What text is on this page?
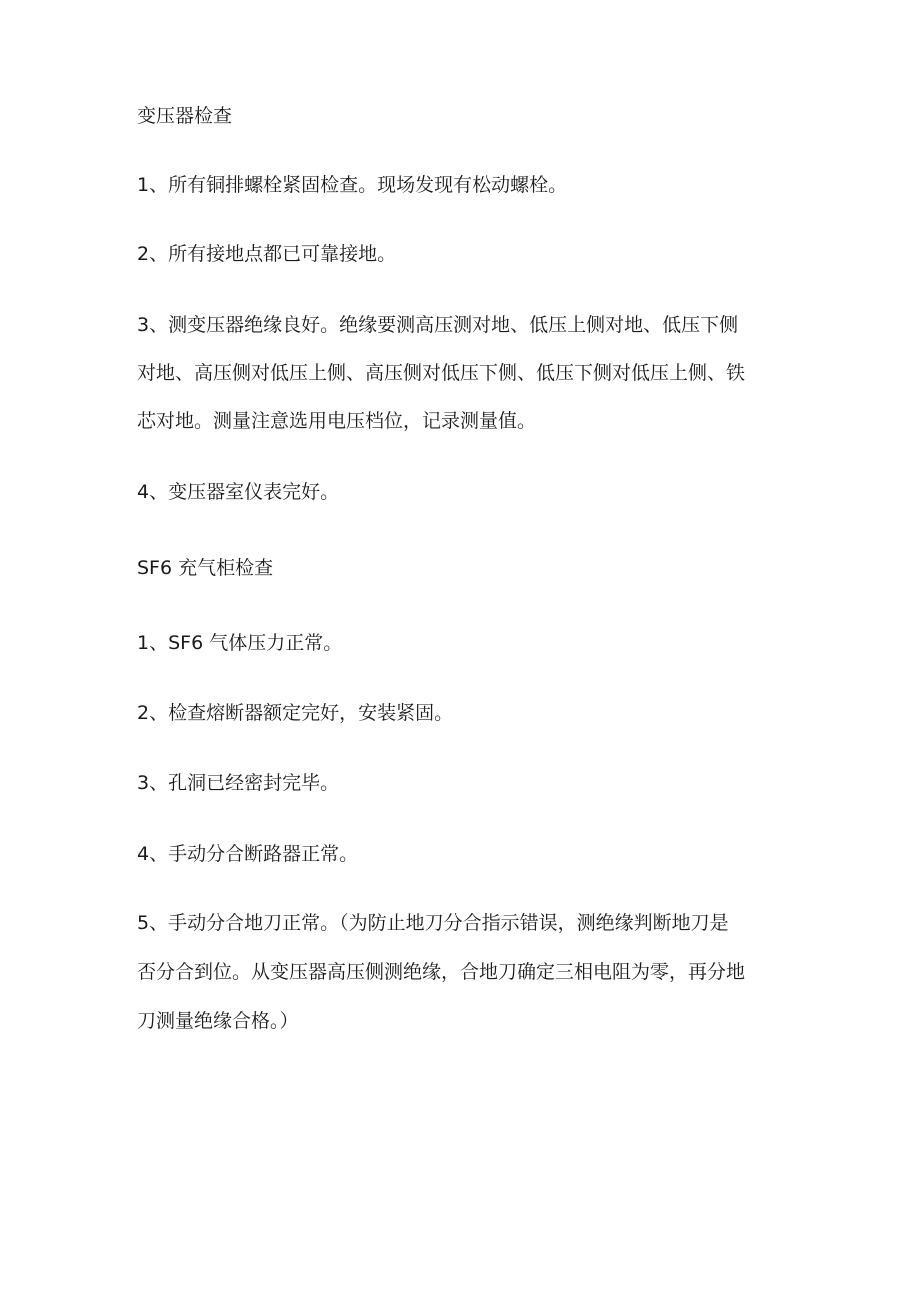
变压器检查

1、所有铜排螺栓紧固检查。现场发现有松动螺栓。

2、所有接地点都已可靠接地。

3、测变压器绝缘良好。绝缘要测高压测对地、低压上侧对地、低压下侧

对地、高压侧对低压上侧、高压侧对低压下侧、低压下侧对低压上侧、铁

芯对地。测量注意选用电压档位，记录测量值。

4、变压器室仪表完好。

SF6 充气柜检查

1、SF6 气体压力正常。

2、检查熔断器额定完好，安装紧固。

3、孔洞已经密封完毕。

4、手动分合断路器正常。

5、手动分合地刀正常。（为防止地刀分合指示错误，测绝缘判断地刀是

否分合到位。从变压器高压侧测绝缘，合地刀确定三相电阻为零，再分地

刀测量绝缘合格。）
